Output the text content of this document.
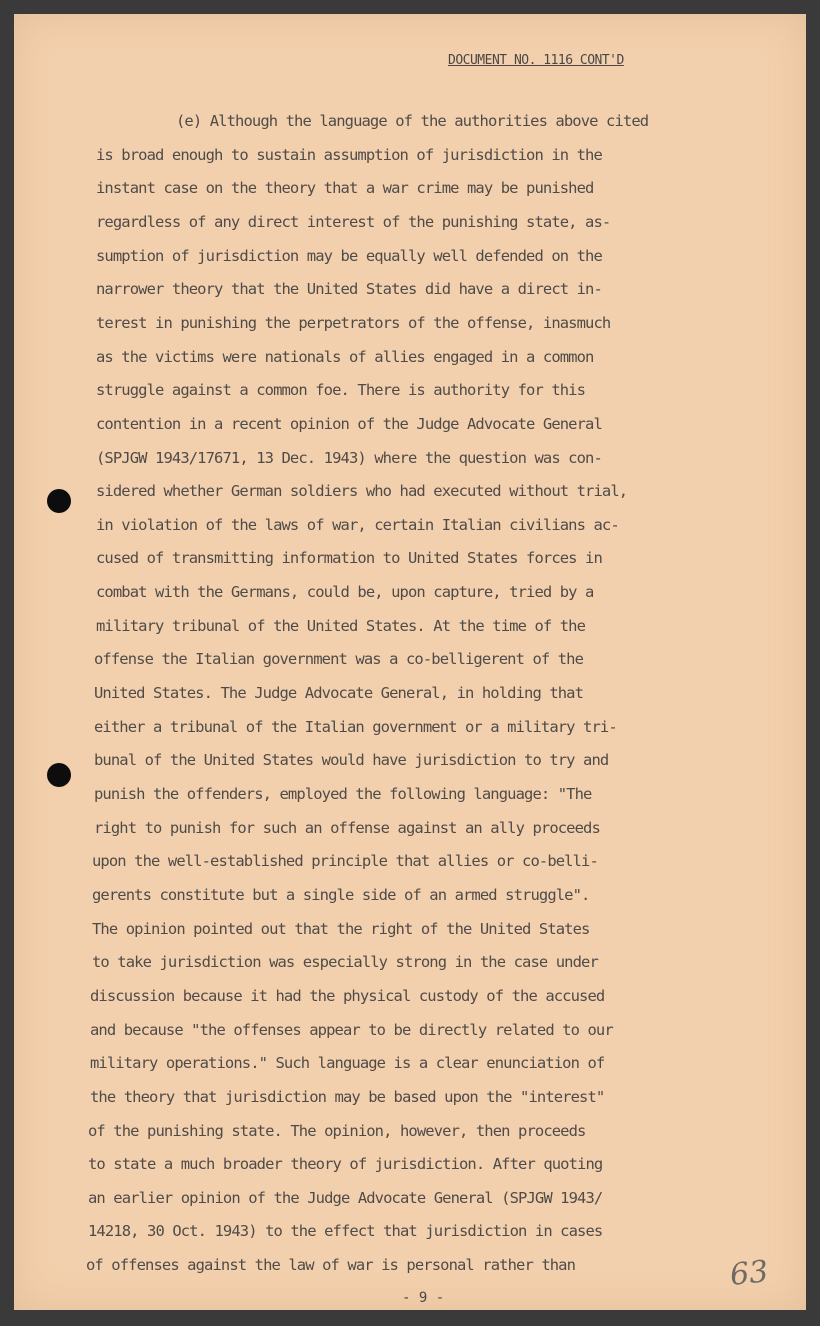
DOCUMENT NO. 1116 CONT'D
(e) Although the language of the authorities above cited
is broad enough to sustain assumption of jurisdiction in the
instant case on the theory that a war crime may be punished
regardless of any direct interest of the punishing state, as-
sumption of jurisdiction may be equally well defended on the
narrower theory that the United States did have a direct in-
terest in punishing the perpetrators of the offense, inasmuch
as the victims were nationals of allies engaged in a common
struggle against a common foe. There is authority for this
contention in a recent opinion of the Judge Advocate General
(SPJGW 1943/17671, 13 Dec. 1943) where the question was con-
sidered whether German soldiers who had executed without trial,
in violation of the laws of war, certain Italian civilians ac-
cused of transmitting information to United States forces in
combat with the Germans, could be, upon capture, tried by a
military tribunal of the United States. At the time of the
offense the Italian government was a co-belligerent of the
United States. The Judge Advocate General, in holding that
either a tribunal of the Italian government or a military tri-
bunal of the United States would have jurisdiction to try and
punish the offenders, employed the following language: "The
right to punish for such an offense against an ally proceeds
upon the well-established principle that allies or co-belli-
gerents constitute but a single side of an armed struggle".
The opinion pointed out that the right of the United States
to take jurisdiction was especially strong in the case under
discussion because it had the physical custody of the accused
and because "the offenses appear to be directly related to our
military operations." Such language is a clear enunciation of
the theory that jurisdiction may be based upon the "interest"
of the punishing state. The opinion, however, then proceeds
to state a much broader theory of jurisdiction. After quoting
an earlier opinion of the Judge Advocate General (SPJGW 1943/
14218, 30 Oct. 1943) to the effect that jurisdiction in cases
of offenses against the law of war is personal rather than
- 9 -
63
